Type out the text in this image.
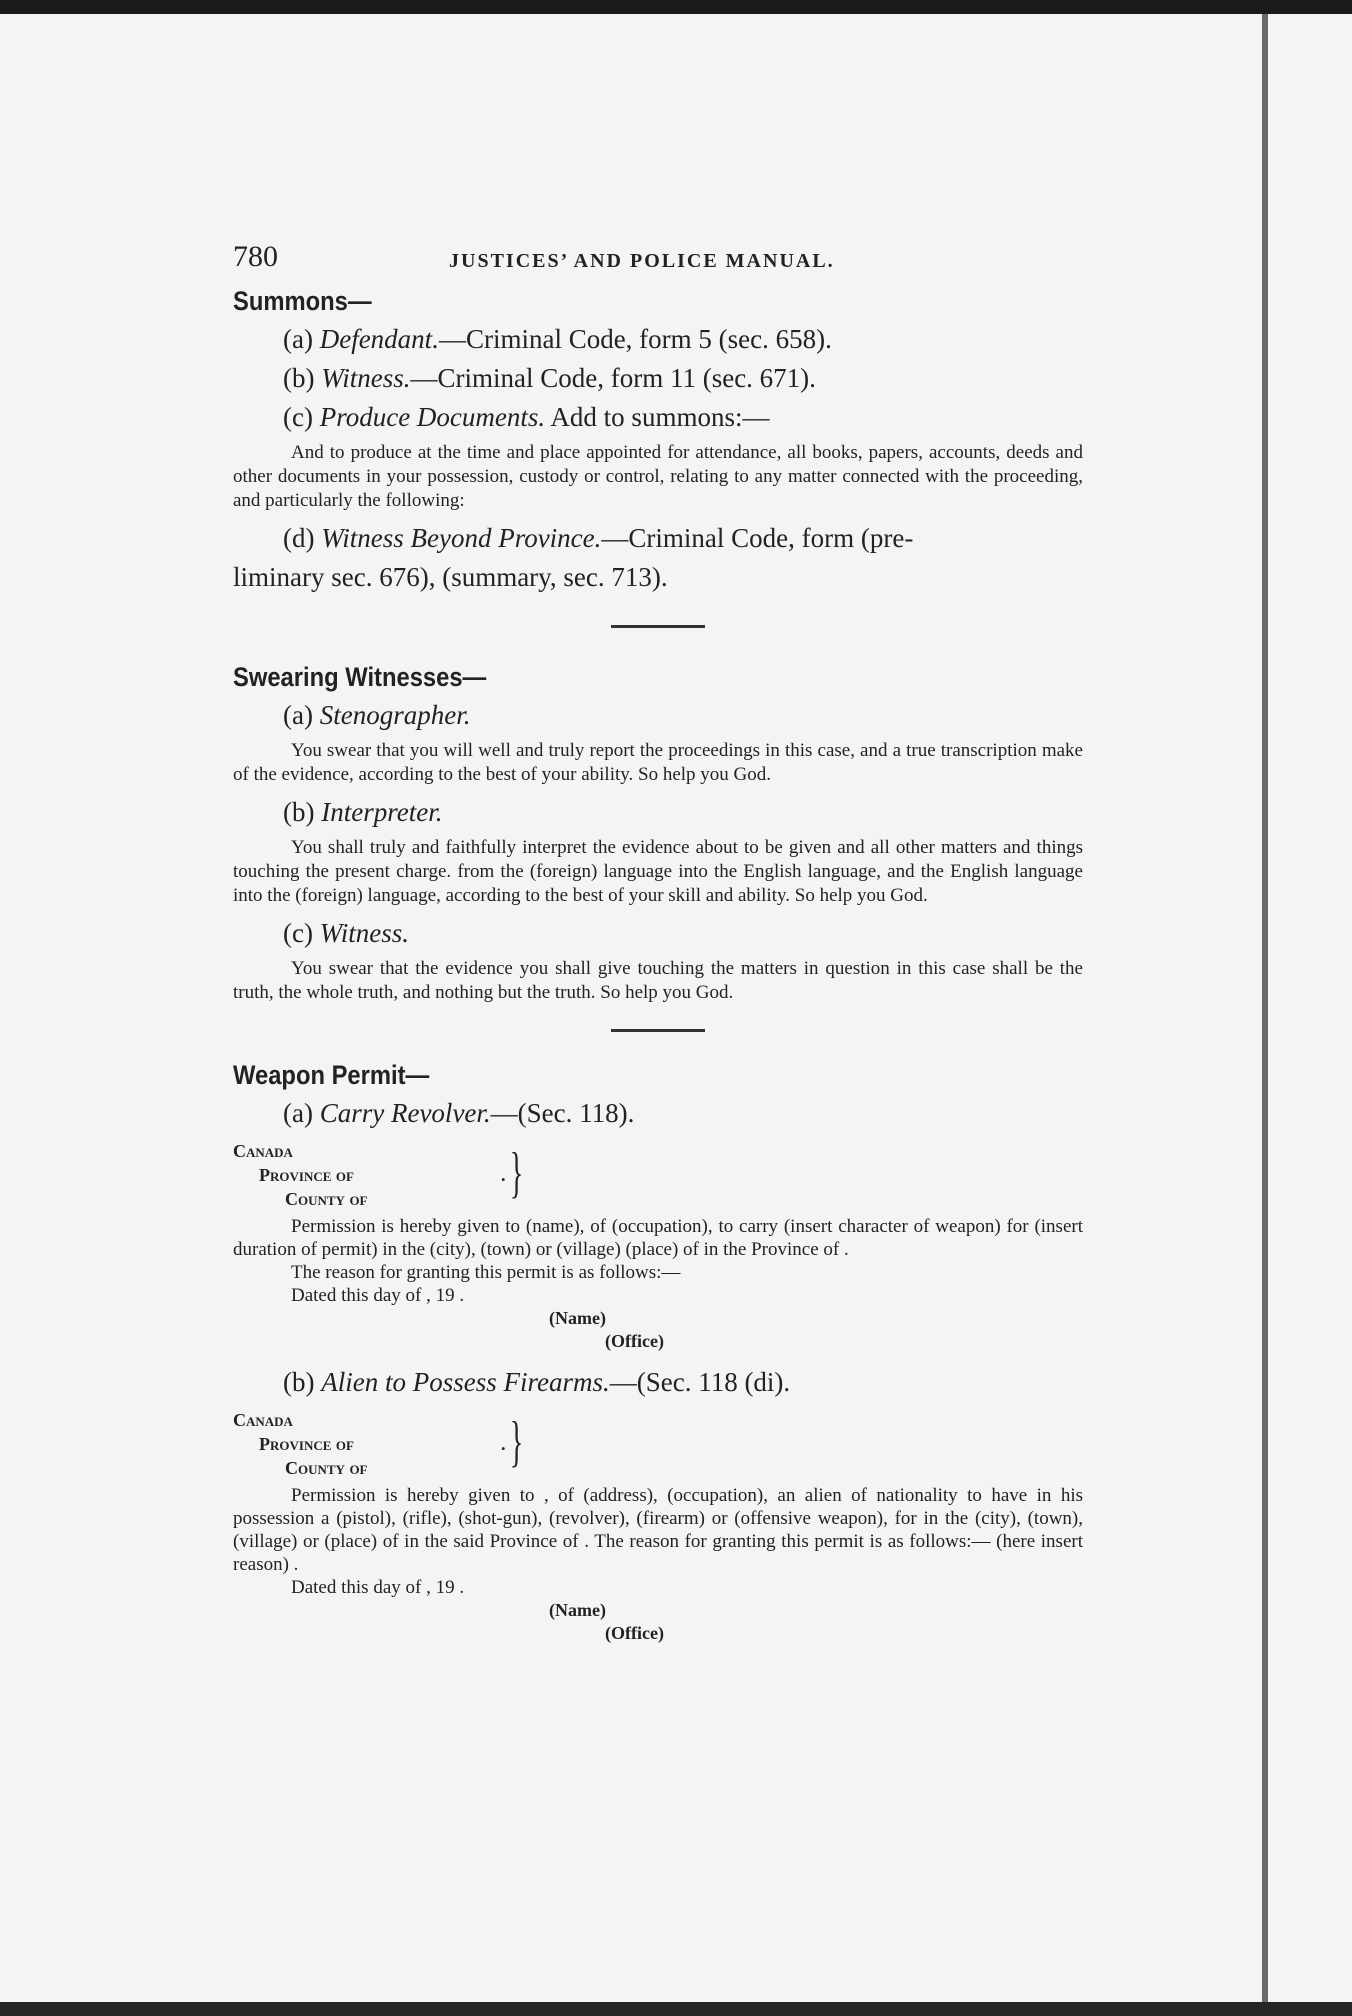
780	JUSTICES’ AND POLICE MANUAL.
Summons—

(a) Defendant.—Criminal Code, form 5 (sec. 658).

(b) Witness.—Criminal Code, form 11 (sec. 671).

(c) Produce Documents. Add to summons:—

And to produce at the time and place appointed for attendance, all books, papers, accounts, deeds and other documents in your possession, custody or control, relating to any matter connected with the proceeding, and particularly the following:

(d) Witness Beyond Province.—Criminal Code, form (pre-

liminary sec. 676), (summary, sec. 713).

Swearing Witnesses—

(a) Stenographer.

You swear that you will well and truly report the proceedings in this case, and a true transcription make of the evidence, according to the best of your ability. So help you God.

(b) Interpreter.

You shall truly and faithfully interpret the evidence about to be given and all other matters and things touching the present charge. from the (foreign) language into the English language, and the English language into the (foreign) language, according to the best of your skill and ability. So help you God.

(c) Witness.

You swear that the evidence you shall give touching the matters in question in this case shall be the truth, the whole truth, and nothing but the truth. So help you God.

Weapon Permit—

(a) Carry Revolver.—(Sec. 118).

Canada
Province of
County of
. }

Permission is hereby given to (name), of (occupation), to carry (insert character of weapon) for (insert duration of permit) in the (city), (town) or (village) (place) of in the Province of .

The reason for granting this permit is as follows:—

Dated this day of , 19 .

(Name)

(Office)

(b) Alien to Possess Firearms.—(Sec. 118 (di).

Canada
Province of
County of
. }

Permission is hereby given to , of (address), (occupation), an alien of nationality to have in his possession a (pistol), (rifle), (shot-gun), (revolver), (firearm) or (offensive weapon), for in the (city), (town), (village) or (place) of in the said Province of . The reason for granting this permit is as follows:— (here insert reason) .

Dated this day of , 19 .

(Name)

(Office)
